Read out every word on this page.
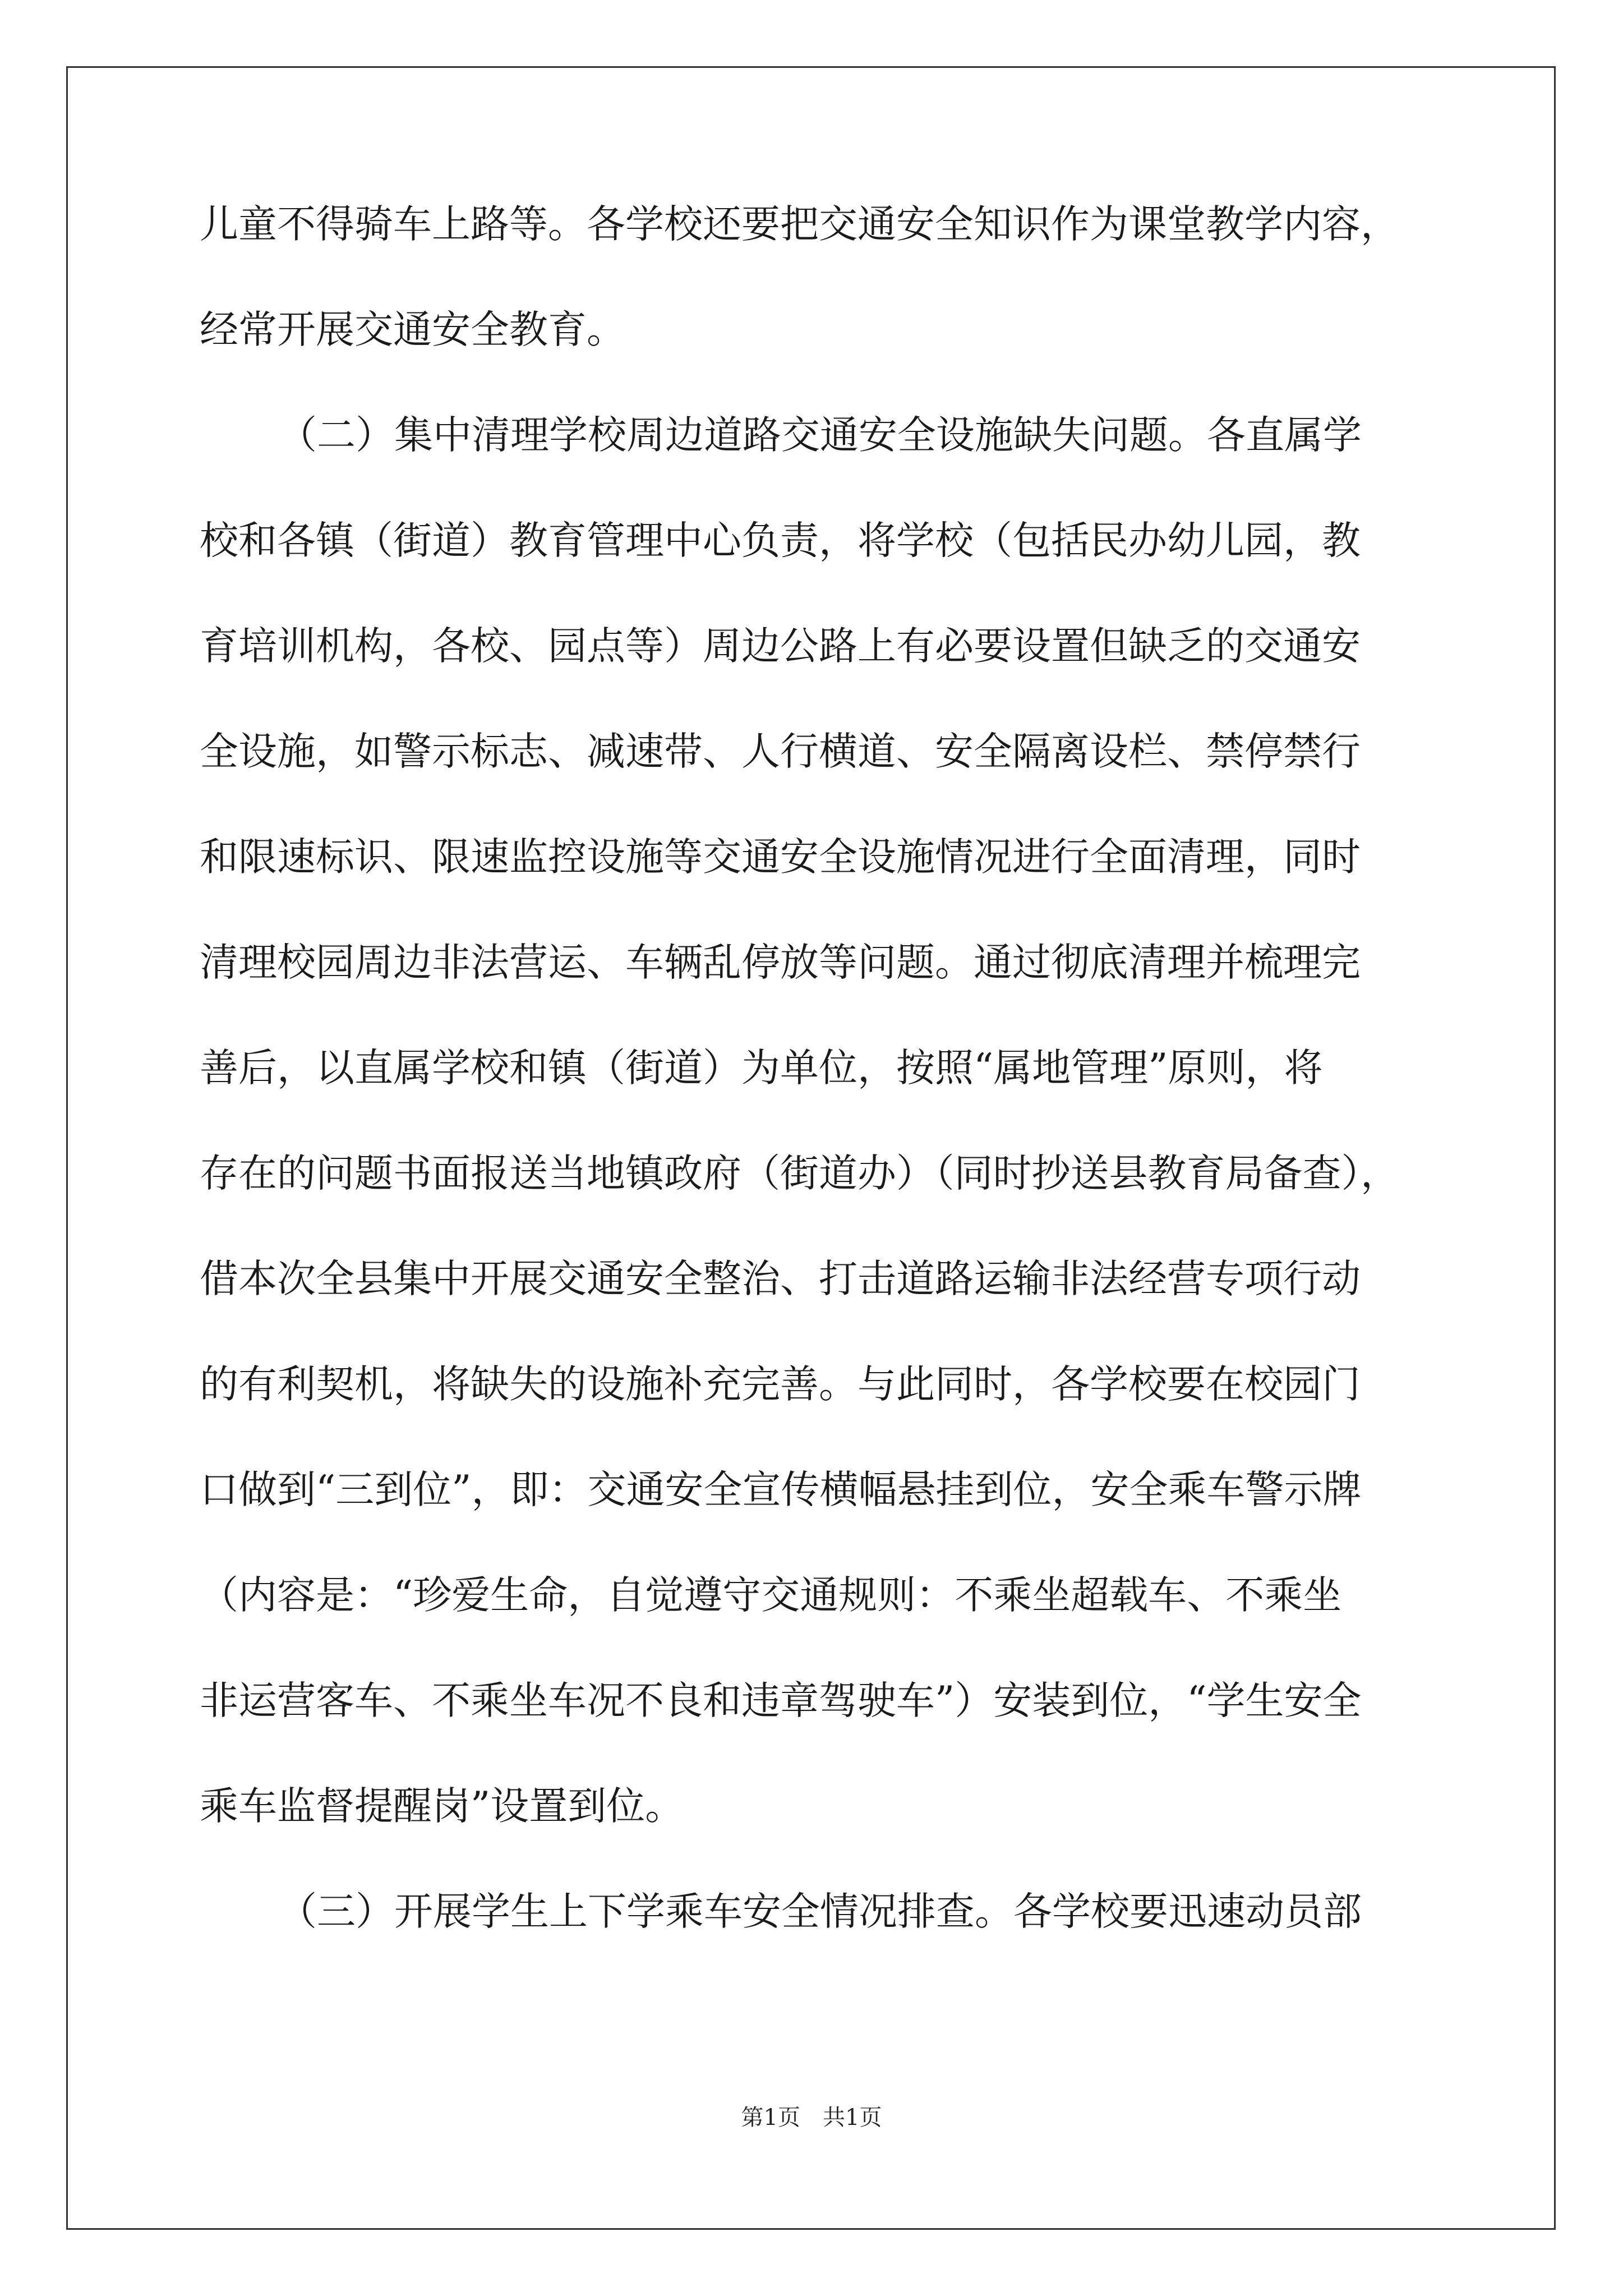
儿童不得骑车上路等。各学校还要把交通安全知识作为课堂教学内容，
经常开展交通安全教育。
（二）集中清理学校周边道路交通安全设施缺失问题。各直属学
校和各镇（街道）教育管理中心负责，将学校（包括民办幼儿园，教
育培训机构，各校、园点等）周边公路上有必要设置但缺乏的交通安
全设施，如警示标志、减速带、人行横道、安全隔离设栏、禁停禁行
和限速标识、限速监控设施等交通安全设施情况进行全面清理，同时
清理校园周边非法营运、车辆乱停放等问题。通过彻底清理并梳理完
善后，以直属学校和镇（街道）为单位，按照“属地管理”原则，将
存在的问题书面报送当地镇政府（街道办）（同时抄送县教育局备查），
借本次全县集中开展交通安全整治、打击道路运输非法经营专项行动
的有利契机，将缺失的设施补充完善。与此同时，各学校要在校园门
口做到“三到位”，即：交通安全宣传横幅悬挂到位，安全乘车警示牌
（内容是：“珍爱生命，自觉遵守交通规则：不乘坐超载车、不乘坐
非运营客车、不乘坐车况不良和违章驾驶车”）安装到位，“学生安全
乘车监督提醒岗”设置到位。
（三）开展学生上下学乘车安全情况排查。各学校要迅速动员部
第1页 共1页
